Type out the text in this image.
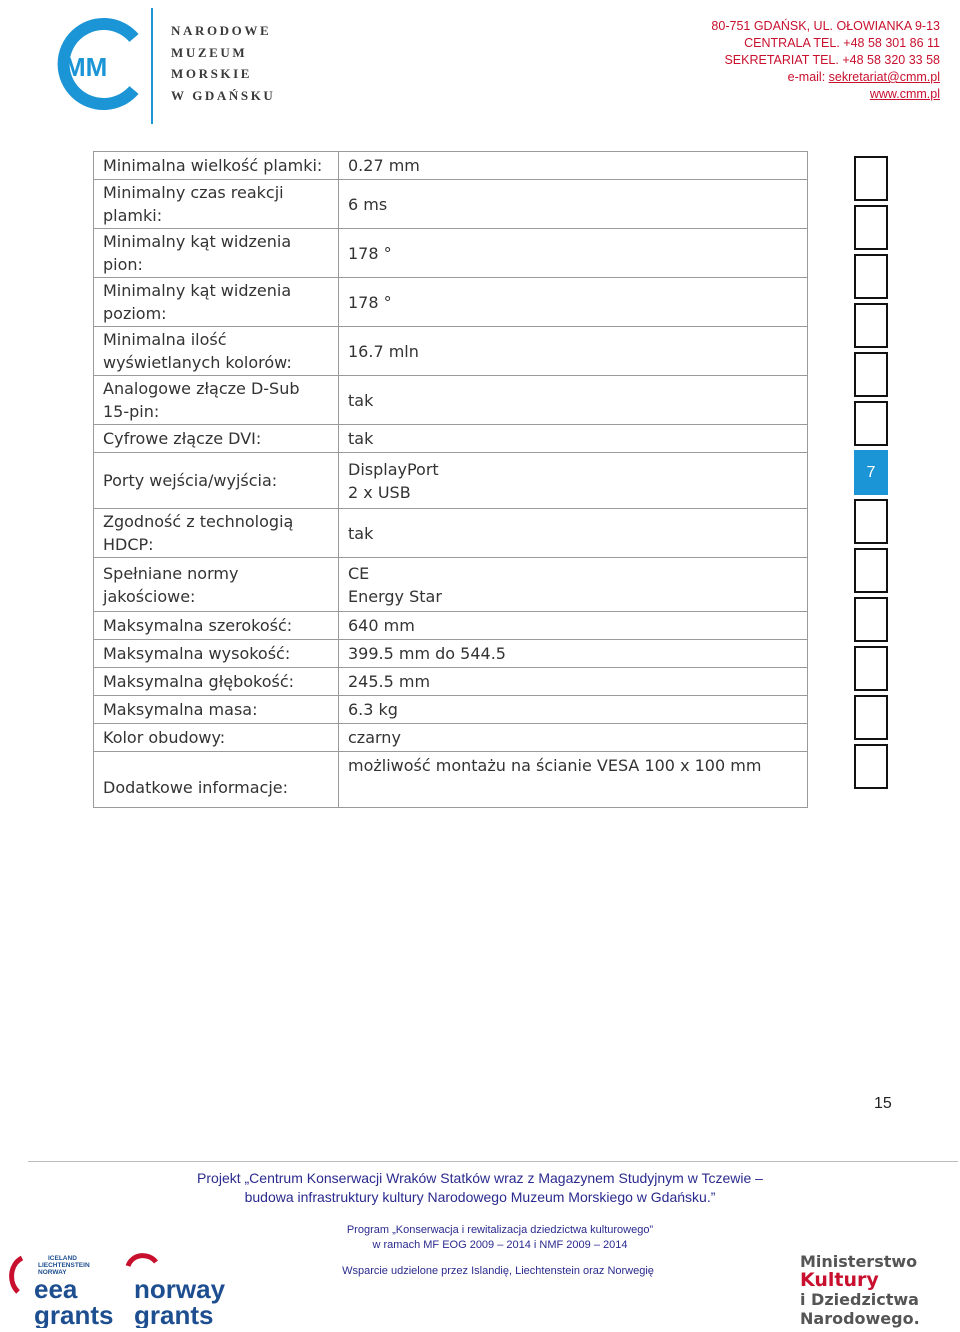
MM
NARODOWE
MUZEUM
MORSKIE
W GDAŃSKU
80-751 GDAŃSK, UL. OŁOWIANKA 9-13
CENTRALA TEL. +48 58 301 86 11
SEKRETARIAT TEL. +48 58 320 33 58
e-mail: sekretariat@cmm.pl
www.cmm.pl
Minimalna wielkość plamki:	0.27 mm
Minimalny czas reakcji plamki:	6 ms
Minimalny kąt widzenia pion:	178 °
Minimalny kąt widzenia poziom:	178 °
Minimalna ilość wyświetlanych kolorów:	16.7 mln
Analogowe złącze D-Sub 15-pin:	tak
Cyfrowe złącze DVI:	tak
Porty wejścia/wyjścia:	DisplayPort
2 x USB

Zgodność z technologią HDCP:	tak
Spełniane normy jakościowe:	CE
Energy Star

Maksymalna szerokość:	640 mm
Maksymalna wysokość:	399.5 mm do 544.5
Maksymalna głębokość:	245.5 mm
Maksymalna masa:	6.3 kg
Kolor obudowy:	czarny
Dodatkowe informacje:	możliwość montażu na ścianie VESA 100 x 100 mm
7
15
Projekt „Centrum Konserwacji Wraków Statków wraz z Magazynem Studyjnym w Tczewie –
budowa infrastruktury kultury Narodowego Muzeum Morskiego w Gdańsku.”
Program „Konserwacja i rewitalizacja dziedzictwa kulturowego”
w ramach MF EOG 2009 – 2014 i NMF 2009 – 2014
Wsparcie udzielone przez Islandię, Liechtenstein oraz Norwegię
ICELAND
LIECHTENSTEIN
NORWAY
eea
grants
norway
grants
Ministerstwo
Kultury
i Dziedzictwa
Narodowego.
